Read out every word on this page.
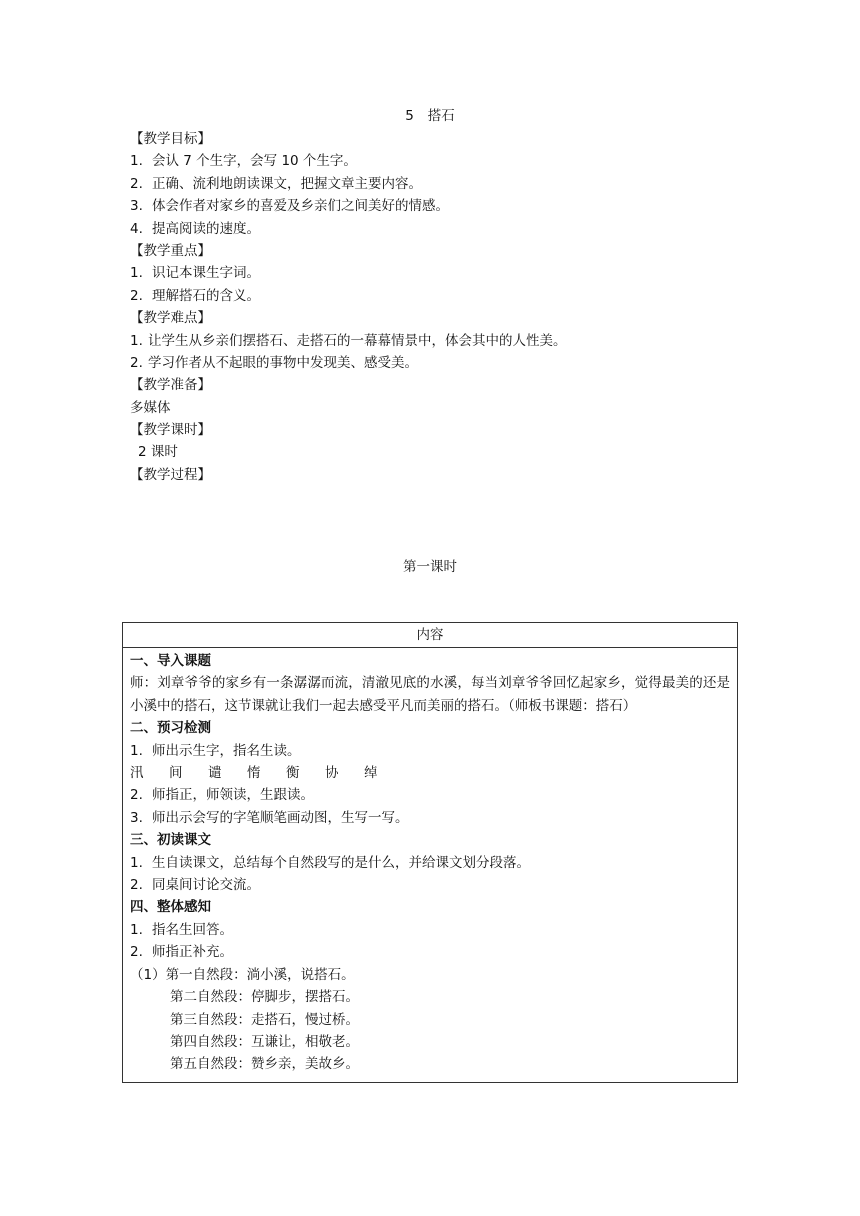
5 搭石
【教学目标】
1. 会认 7 个生字，会写 10 个生字。
2. 正确、流利地朗读课文，把握文章主要内容。
3. 体会作者对家乡的喜爱及乡亲们之间美好的情感。
4. 提高阅读的速度。
【教学重点】
1. 识记本课生字词。
2. 理解搭石的含义。
【教学难点】
1. 让学生从乡亲们摆搭石、走搭石的一幕幕情景中，体会其中的人性美。
2. 学习作者从不起眼的事物中发现美、感受美。
【教学准备】
多媒体
【教学课时】
2 课时
【教学过程】
第一课时
内容

一、导入课题
师：刘章爷爷的家乡有一条潺潺而流，清澈见底的水溪，每当刘章爷爷回忆起家乡，觉得最美的还是小溪中的搭石，这节课就让我们一起去感受平凡而美丽的搭石。（师板书课题：搭石）
二、预习检测
1. 师出示生字，指名生读。
汛 间 谴 惰 衡 协 绰
2. 师指正，师领读，生跟读。
3. 师出示会写的字笔顺笔画动图，生写一写。
三、初读课文
1. 生自读课文，总结每个自然段写的是什么，并给课文划分段落。
2. 同桌间讨论交流。
四、整体感知
1. 指名生回答。
2. 师指正补充。
（1）第一自然段：淌小溪，说搭石。
第二自然段：停脚步，摆搭石。
第三自然段：走搭石，慢过桥。
第四自然段：互谦让，相敬老。
第五自然段：赞乡亲，美故乡。
